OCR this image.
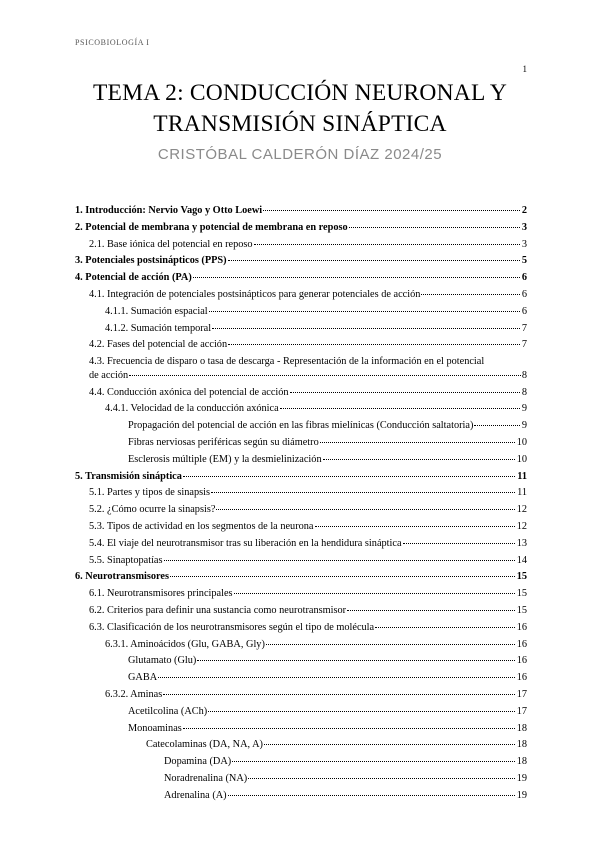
PSICOBIOLOGÍA I
1
TEMA 2: CONDUCCIÓN NEURONAL Y
TRANSMISIÓN SINÁPTICA
CRISTÓBAL CALDERÓN DÍAZ 2024/25
1. Introducción: Nervio Vago y Otto Loewi	2
2. Potencial de membrana y potencial de membrana en reposo	3
2.1. Base iónica del potencial en reposo	3
3. Potenciales postsinápticos (PPS)	5
4. Potencial de acción (PA)	6
4.1. Integración de potenciales postsinápticos para generar potenciales de acción	6
4.1.1. Sumación espacial	6
4.1.2. Sumación temporal	7
4.2. Fases del potencial de acción	7
4.3. Frecuencia de disparo o tasa de descarga - Representación de la información en el potencial
de acción	8
4.4. Conducción axónica del potencial de acción	8
4.4.1. Velocidad de la conducción axónica	9
Propagación del potencial de acción en las fibras mielínicas (Conducción saltatoria)	9
Fibras nerviosas periféricas según su diámetro	10
Esclerosis múltiple (EM) y la desmielinización	10
5. Transmisión sináptica	11
5.1. Partes y tipos de sinapsis	11
5.2. ¿Cómo ocurre la sinapsis?	12
5.3. Tipos de actividad en los segmentos de la neurona	12
5.4. El viaje del neurotransmisor tras su liberación en la hendidura sináptica	13
5.5. Sinaptopatías	14
6. Neurotransmisores	15
6.1. Neurotransmisores principales	15
6.2. Criterios para definir una sustancia como neurotransmisor	15
6.3. Clasificación de los neurotransmisores según el tipo de molécula	16
6.3.1. Aminoácidos (Glu, GABA, Gly)	16
Glutamato (Glu)	16
GABA	16
6.3.2. Aminas	17
Acetilcolina (ACh)	17
Monoaminas	18
Catecolaminas (DA, NA, A)	18
Dopamina (DA)	18
Noradrenalina (NA)	19
Adrenalina (A)	19
